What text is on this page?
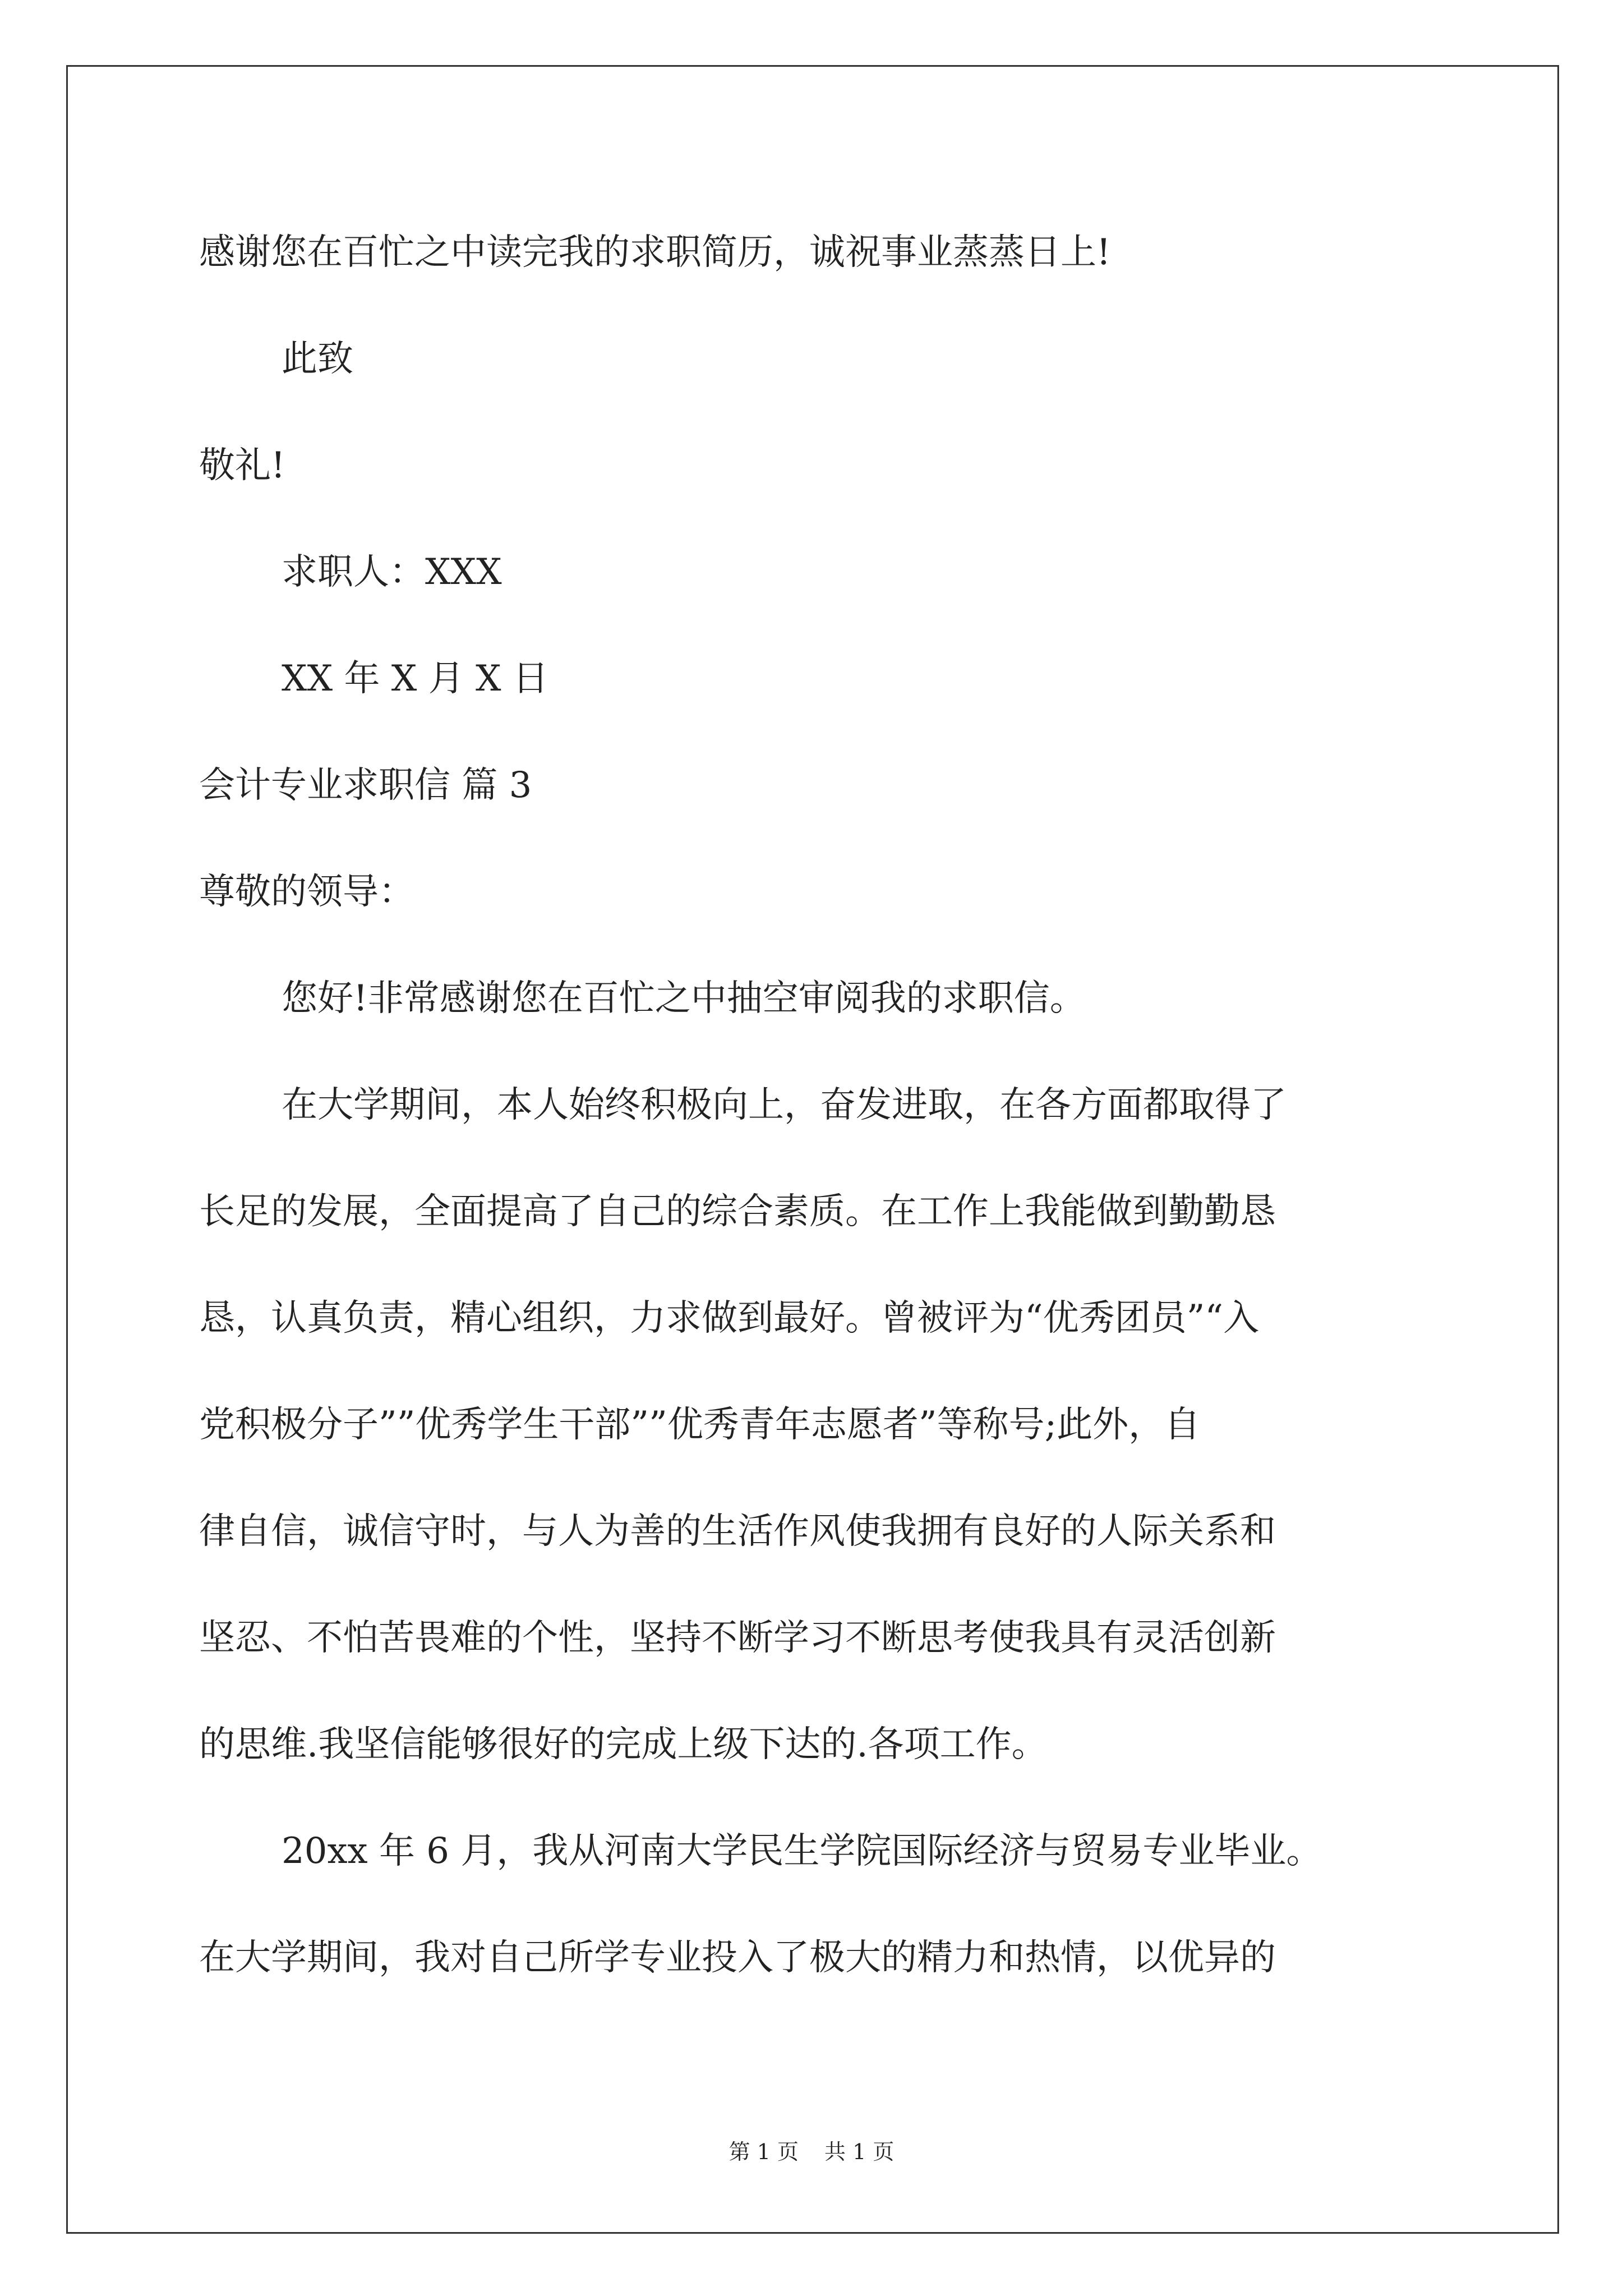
感谢您在百忙之中读完我的求职简历，诚祝事业蒸蒸日上!
此致
敬礼!
求职人：XXX
XX 年 X 月 X 日
会计专业求职信 篇 3
尊敬的领导：
您好!非常感谢您在百忙之中抽空审阅我的求职信。
在大学期间，本人始终积极向上，奋发进取，在各方面都取得了
长足的发展，全面提高了自己的综合素质。在工作上我能做到勤勤恳
恳，认真负责，精心组织，力求做到最好。曾被评为“优秀团员”“入
党积极分子””优秀学生干部””优秀青年志愿者”等称号;此外，自
律自信，诚信守时，与人为善的生活作风使我拥有良好的人际关系和
坚忍、不怕苦畏难的个性，坚持不断学习不断思考使我具有灵活创新
的思维.我坚信能够很好的完成上级下达的.各项工作。
20xx 年 6 月，我从河南大学民生学院国际经济与贸易专业毕业。
在大学期间，我对自己所学专业投入了极大的精力和热情，以优异的
第 1 页 共 1 页
